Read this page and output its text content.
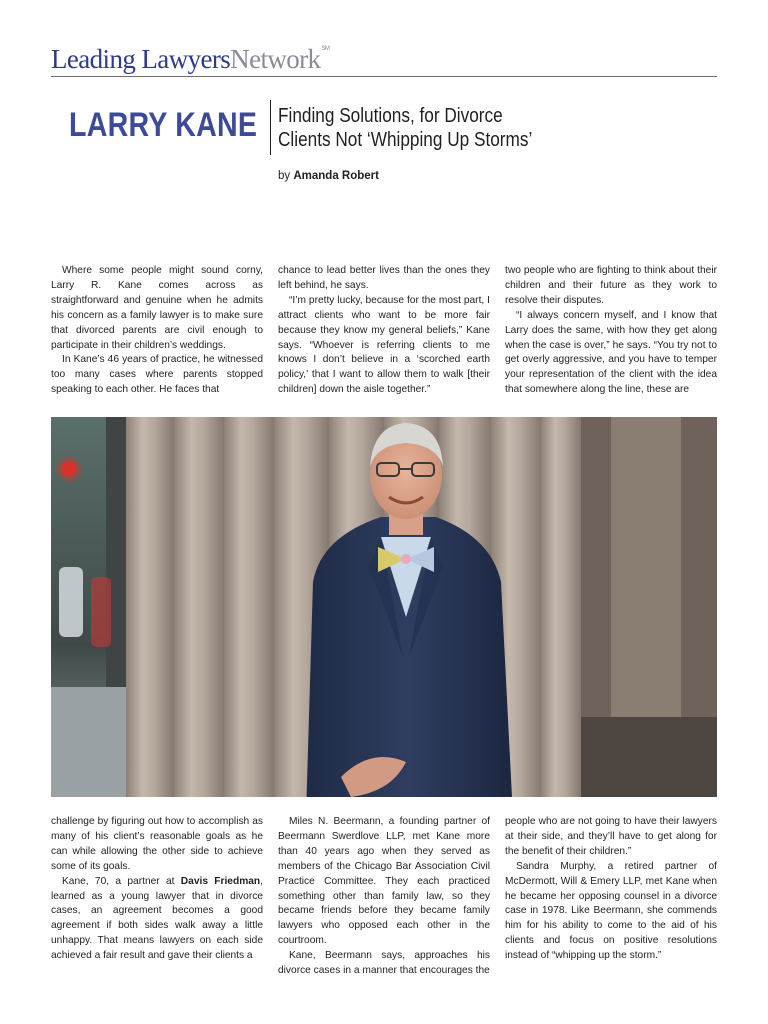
Leading LawyersNetwork℠
LARRY KANE Finding Solutions, for Divorce
Clients Not ‘Whipping Up Storms’
by Amanda Robert

Where some people might sound corny, Larry R. Kane comes across as straightforward and genuine when he admits his concern as a family lawyer is to make sure that divorced parents are civil enough to participate in their children’s weddings.

In Kane’s 46 years of practice, he witnessed too many cases where parents stopped speaking to each other. He faces that

chance to lead better lives than the ones they left behind, he says.

“I’m pretty lucky, because for the most part, I attract clients who want to be more fair because they know my general beliefs,” Kane says. “Whoever is referring clients to me knows I don’t believe in a ‘scorched earth policy,’ that I want to allow them to walk [their children] down the aisle together.”

two people who are fighting to think about their children and their future as they work to resolve their disputes.

“I always concern myself, and I know that Larry does the same, with how they get along when the case is over,” he says. “You try not to get overly aggressive, and you have to temper your representation of the client with the idea that somewhere along the line, these are

challenge by figuring out how to accomplish as many of his client’s reasonable goals as he can while allowing the other side to achieve some of its goals.

Kane, 70, a partner at Davis Friedman, learned as a young lawyer that in divorce cases, an agreement becomes a good agreement if both sides walk away a little unhappy. That means lawyers on each side achieved a fair result and gave their clients a

Miles N. Beermann, a founding partner of Beermann Swerdlove LLP, met Kane more than 40 years ago when they served as members of the Chicago Bar Association Civil Practice Committee. They each practiced something other than family law, so they became friends before they became family lawyers who opposed each other in the courtroom.

Kane, Beermann says, approaches his divorce cases in a manner that encourages the

people who are not going to have their lawyers at their side, and they’ll have to get along for the benefit of their children.”

Sandra Murphy, a retired partner of McDermott, Will & Emery LLP, met Kane when he became her opposing counsel in a divorce case in 1978. Like Beermann, she commends him for his ability to come to the aid of his clients and focus on positive resolutions instead of “whipping up the storm.”
